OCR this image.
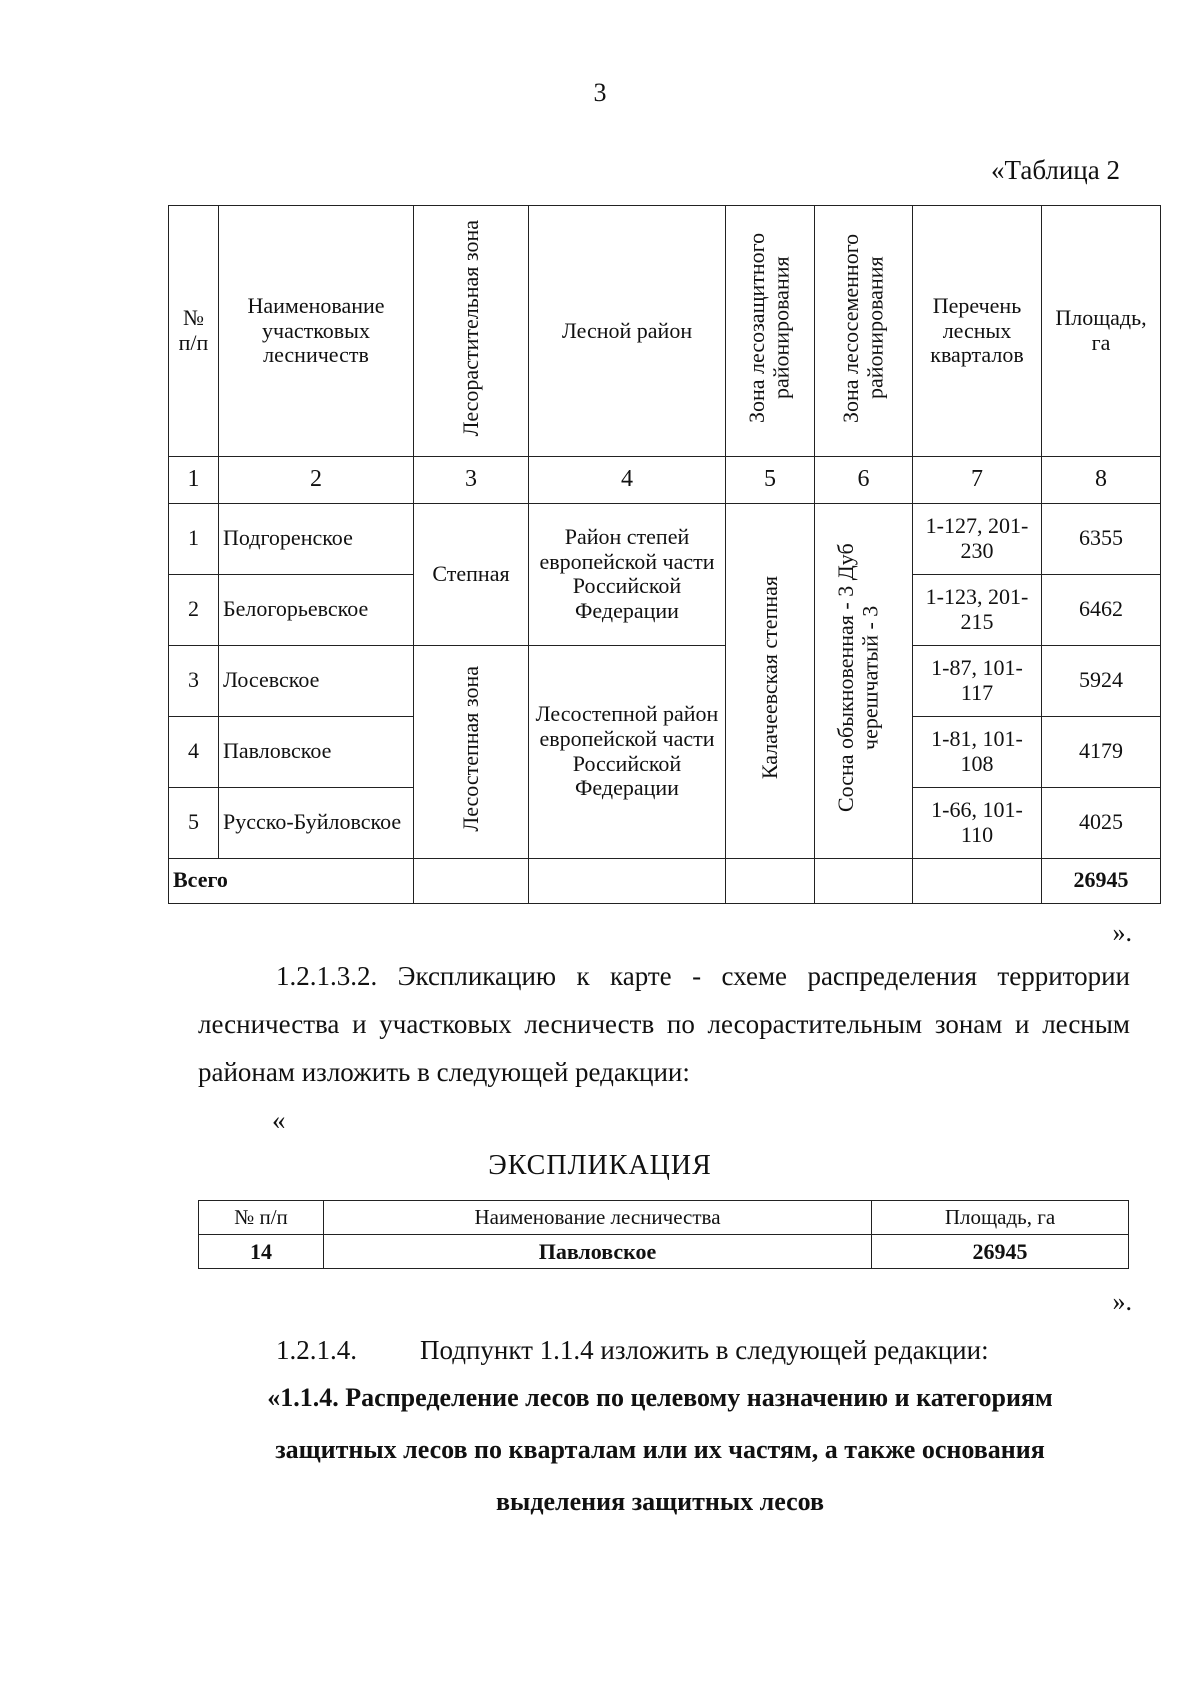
3
«Таблица 2
№ п/п	Наименование участковых лесничеств	Лесорастительная зона	Лесной район	Зона лесозащитного районирования	Зона лесосеменного районирования	Перечень лесных кварталов	Площадь, га
1	2	3	4	5	6	7	8
1	Подгоренское	Степная	Район степей европейской части Российской Федерации	Калачеевская степная	Сосна обыкновенная - 3 Дуб черешчатый - 3	1-127, 201-230	6355
2	Белогорьевское					1-123, 201-215	6462
3	Лосевское	Лесостепная зона	Лесостепной район европейской части Российской Федерации			1-87, 101-117	5924
4	Павловское					1-81, 101-108	4179
5	Русско-Буйловское					1-66, 101-110	4025
Всего							26945
».
1.2.1.3.2. Экспликацию к карте - схеме распределения территории лесничества и участковых лесничеств по лесорастительным зонам и лесным районам изложить в следующей редакции:
«
ЭКСПЛИКАЦИЯ
№ п/п	Наименование лесничества	Площадь, га
14	Павловское	26945
».
1.2.1.4. Подпункт 1.1.4 изложить в следующей редакции:
«1.1.4. Распределение лесов по целевому назначению и категориям защитных лесов по кварталам или их частям, а также основания выделения защитных лесов
